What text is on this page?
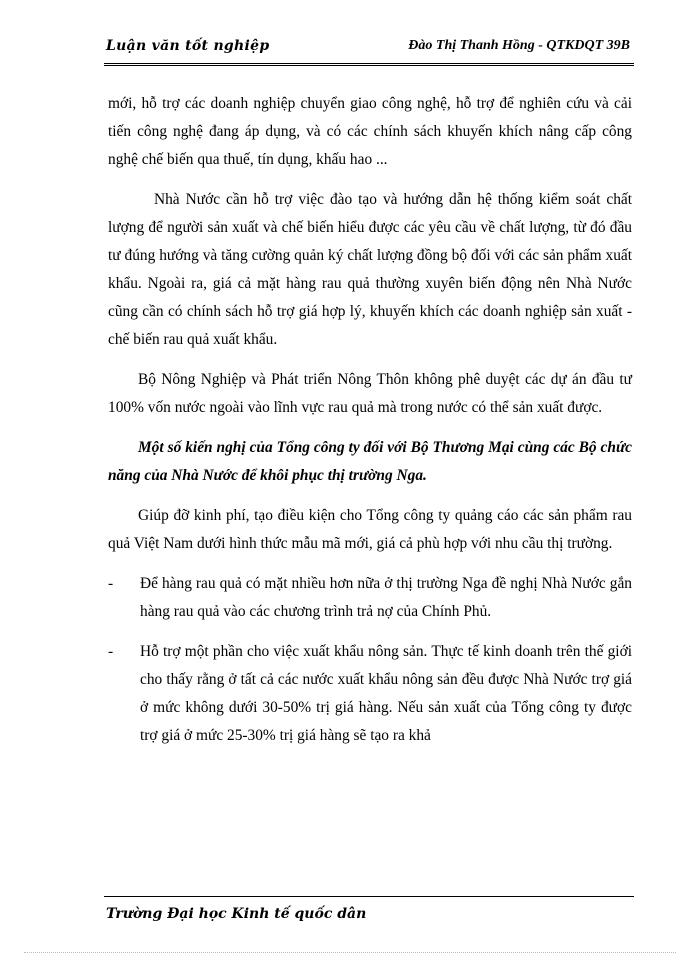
Luận văn tốt nghiệp	Đào Thị Thanh Hồng - QTKDQT 39B

mới, hỗ trợ các doanh nghiệp chuyển giao công nghệ, hỗ trợ để nghiên cứu và cải tiến công nghệ đang áp dụng, và có các chính sách khuyến khích nâng cấp công nghệ chế biến qua thuế, tín dụng, khấu hao ...

Nhà Nước cần hỗ trợ việc đào tạo và hướng dẫn hệ thống kiểm soát chất lượng để người sản xuất và chế biến hiểu được các yêu cầu về chất lượng, từ đó đầu tư đúng hướng và tăng cường quản ký chất lượng đồng bộ đối với các sản phẩm xuất khẩu. Ngoài ra, giá cả mặt hàng rau quả thường xuyên biến động nên Nhà Nước cũng cần có chính sách hỗ trợ giá hợp lý, khuyến khích các doanh nghiệp sản xuất - chế biến rau quả xuất khẩu.

Bộ Nông Nghiệp và Phát triển Nông Thôn không phê duyệt các dự án đầu tư 100% vốn nước ngoài vào lĩnh vực rau quả mà trong nước có thể sản xuất được.

Một số kiến nghị của Tổng công ty đối với Bộ Thương Mại cùng các Bộ chức năng của Nhà Nước để khôi phục thị trường Nga.

Giúp đỡ kinh phí, tạo điều kiện cho Tổng công ty quảng cáo các sản phẩm rau quả Việt Nam dưới hình thức mẫu mã mới, giá cả phù hợp với nhu cầu thị trường.

- Để hàng rau quả có mặt nhiều hơn nữa ở thị trường Nga đề nghị Nhà Nước gắn hàng rau quả vào các chương trình trả nợ của Chính Phủ.

- Hỗ trợ một phần cho việc xuất khẩu nông sản. Thực tế kinh doanh trên thế giới cho thấy rằng ở tất cả các nước xuất khẩu nông sản đều được Nhà Nước trợ giá ở mức không dưới 30-50% trị giá hàng. Nếu sản xuất của Tổng công ty được trợ giá ở mức 25-30% trị giá hàng sẽ tạo ra khả

Trường Đại học Kinh tế quốc dân
